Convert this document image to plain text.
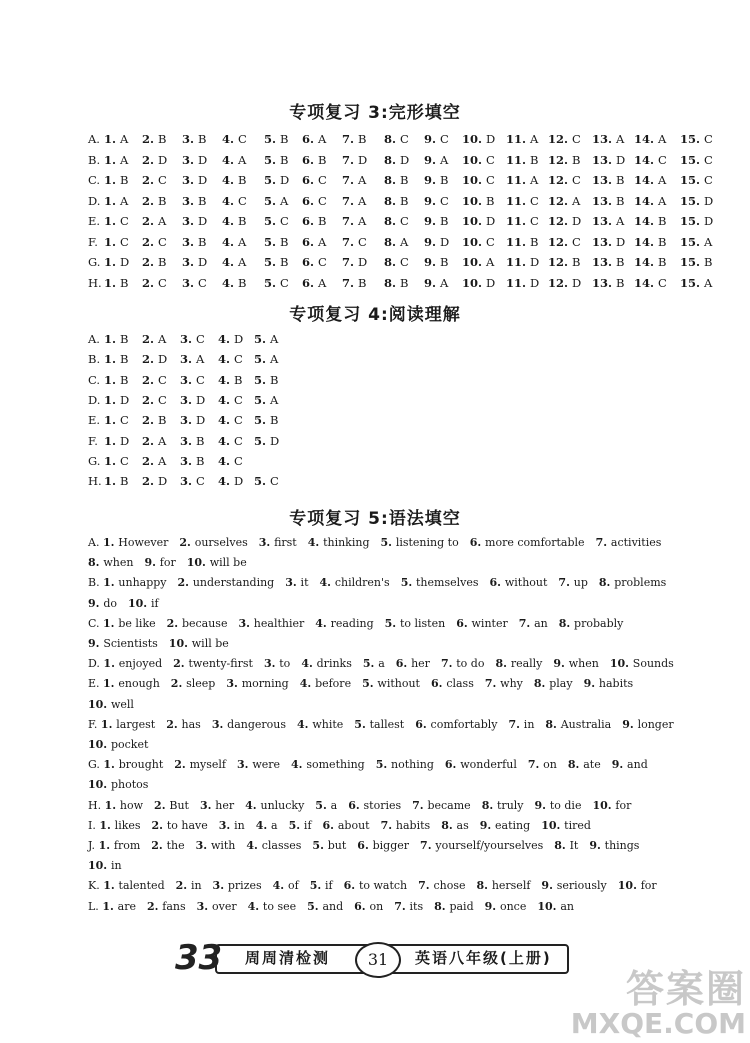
专项复习 3:完形填空
A. 1. A 2. B 3. B 4. C 5. B 6. A 7. B 8. C 9. C 10. D 11. A 12. C 13. A 14. A 15. C
B. 1. A 2. D 3. D 4. A 5. B 6. B 7. D 8. D 9. A 10. C 11. B 12. B 13. D 14. C 15. C
C. 1. B 2. C 3. D 4. B 5. D 6. C 7. A 8. B 9. B 10. C 11. A 12. C 13. B 14. A 15. C
D. 1. A 2. B 3. B 4. C 5. A 6. C 7. A 8. B 9. C 10. B 11. C 12. A 13. B 14. A 15. D
E. 1. C 2. A 3. D 4. B 5. C 6. B 7. A 8. C 9. B 10. D 11. C 12. D 13. A 14. B 15. D
F. 1. C 2. C 3. B 4. A 5. B 6. A 7. C 8. A 9. D 10. C 11. B 12. C 13. D 14. B 15. A
G. 1. D 2. B 3. D 4. A 5. B 6. C 7. D 8. C 9. B 10. A 11. D 12. B 13. B 14. B 15. B
H. 1. B 2. C 3. C 4. B 5. C 6. A 7. B 8. B 9. A 10. D 11. D 12. D 13. B 14. C 15. A
专项复习 4:阅读理解
A. 1. B 2. A 3. C 4. D 5. A
B. 1. B 2. D 3. A 4. C 5. A
C. 1. B 2. C 3. C 4. B 5. B
D. 1. D 2. C 3. D 4. C 5. A
E. 1. C 2. B 3. D 4. C 5. B
F. 1. D 2. A 3. B 4. C 5. D
G. 1. C 2. A 3. B 4. C
H. 1. B 2. D 3. C 4. D 5. C
专项复习 5:语法填空
A. 1. However 2. ourselves 3. first 4. thinking 5. listening to 6. more comfortable 7. activities 
8. when 9. for 10. will be 
B. 1. unhappy 2. understanding 3. it 4. children's 5. themselves 6. without 7. up 8. problems 
9. do 10. if 
C. 1. be like 2. because 3. healthier 4. reading 5. to listen 6. winter 7. an 8. probably 
9. Scientists 10. will be 
D. 1. enjoyed 2. twenty-first 3. to 4. drinks 5. a 6. her 7. to do 8. really 9. when 10. Sounds 
E. 1. enough 2. sleep 3. morning 4. before 5. without 6. class 7. why 8. play 9. habits 
10. well 
F. 1. largest 2. has 3. dangerous 4. white 5. tallest 6. comfortably 7. in 8. Australia 9. longer 
10. pocket 
G. 1. brought 2. myself 3. were 4. something 5. nothing 6. wonderful 7. on 8. ate 9. and 
10. photos 
H. 1. how 2. But 3. her 4. unlucky 5. a 6. stories 7. became 8. truly 9. to die 10. for 
I. 1. likes 2. to have 3. in 4. a 5. if 6. about 7. habits 8. as 9. eating 10. tired 
J. 1. from 2. the 3. with 4. classes 5. but 6. bigger 7. yourself/yourselves 8. It 9. things 
10. in 
K. 1. talented 2. in 3. prizes 4. of 5. if 6. to watch 7. chose 8. herself 9. seriously 10. for 
L. 1. are 2. fans 3. over 4. to see 5. and 6. on 7. its 8. paid 9. once 10. an 
3 3	周周清检测	31	英语八年级(上册)
答案圈
MXQE.COM
